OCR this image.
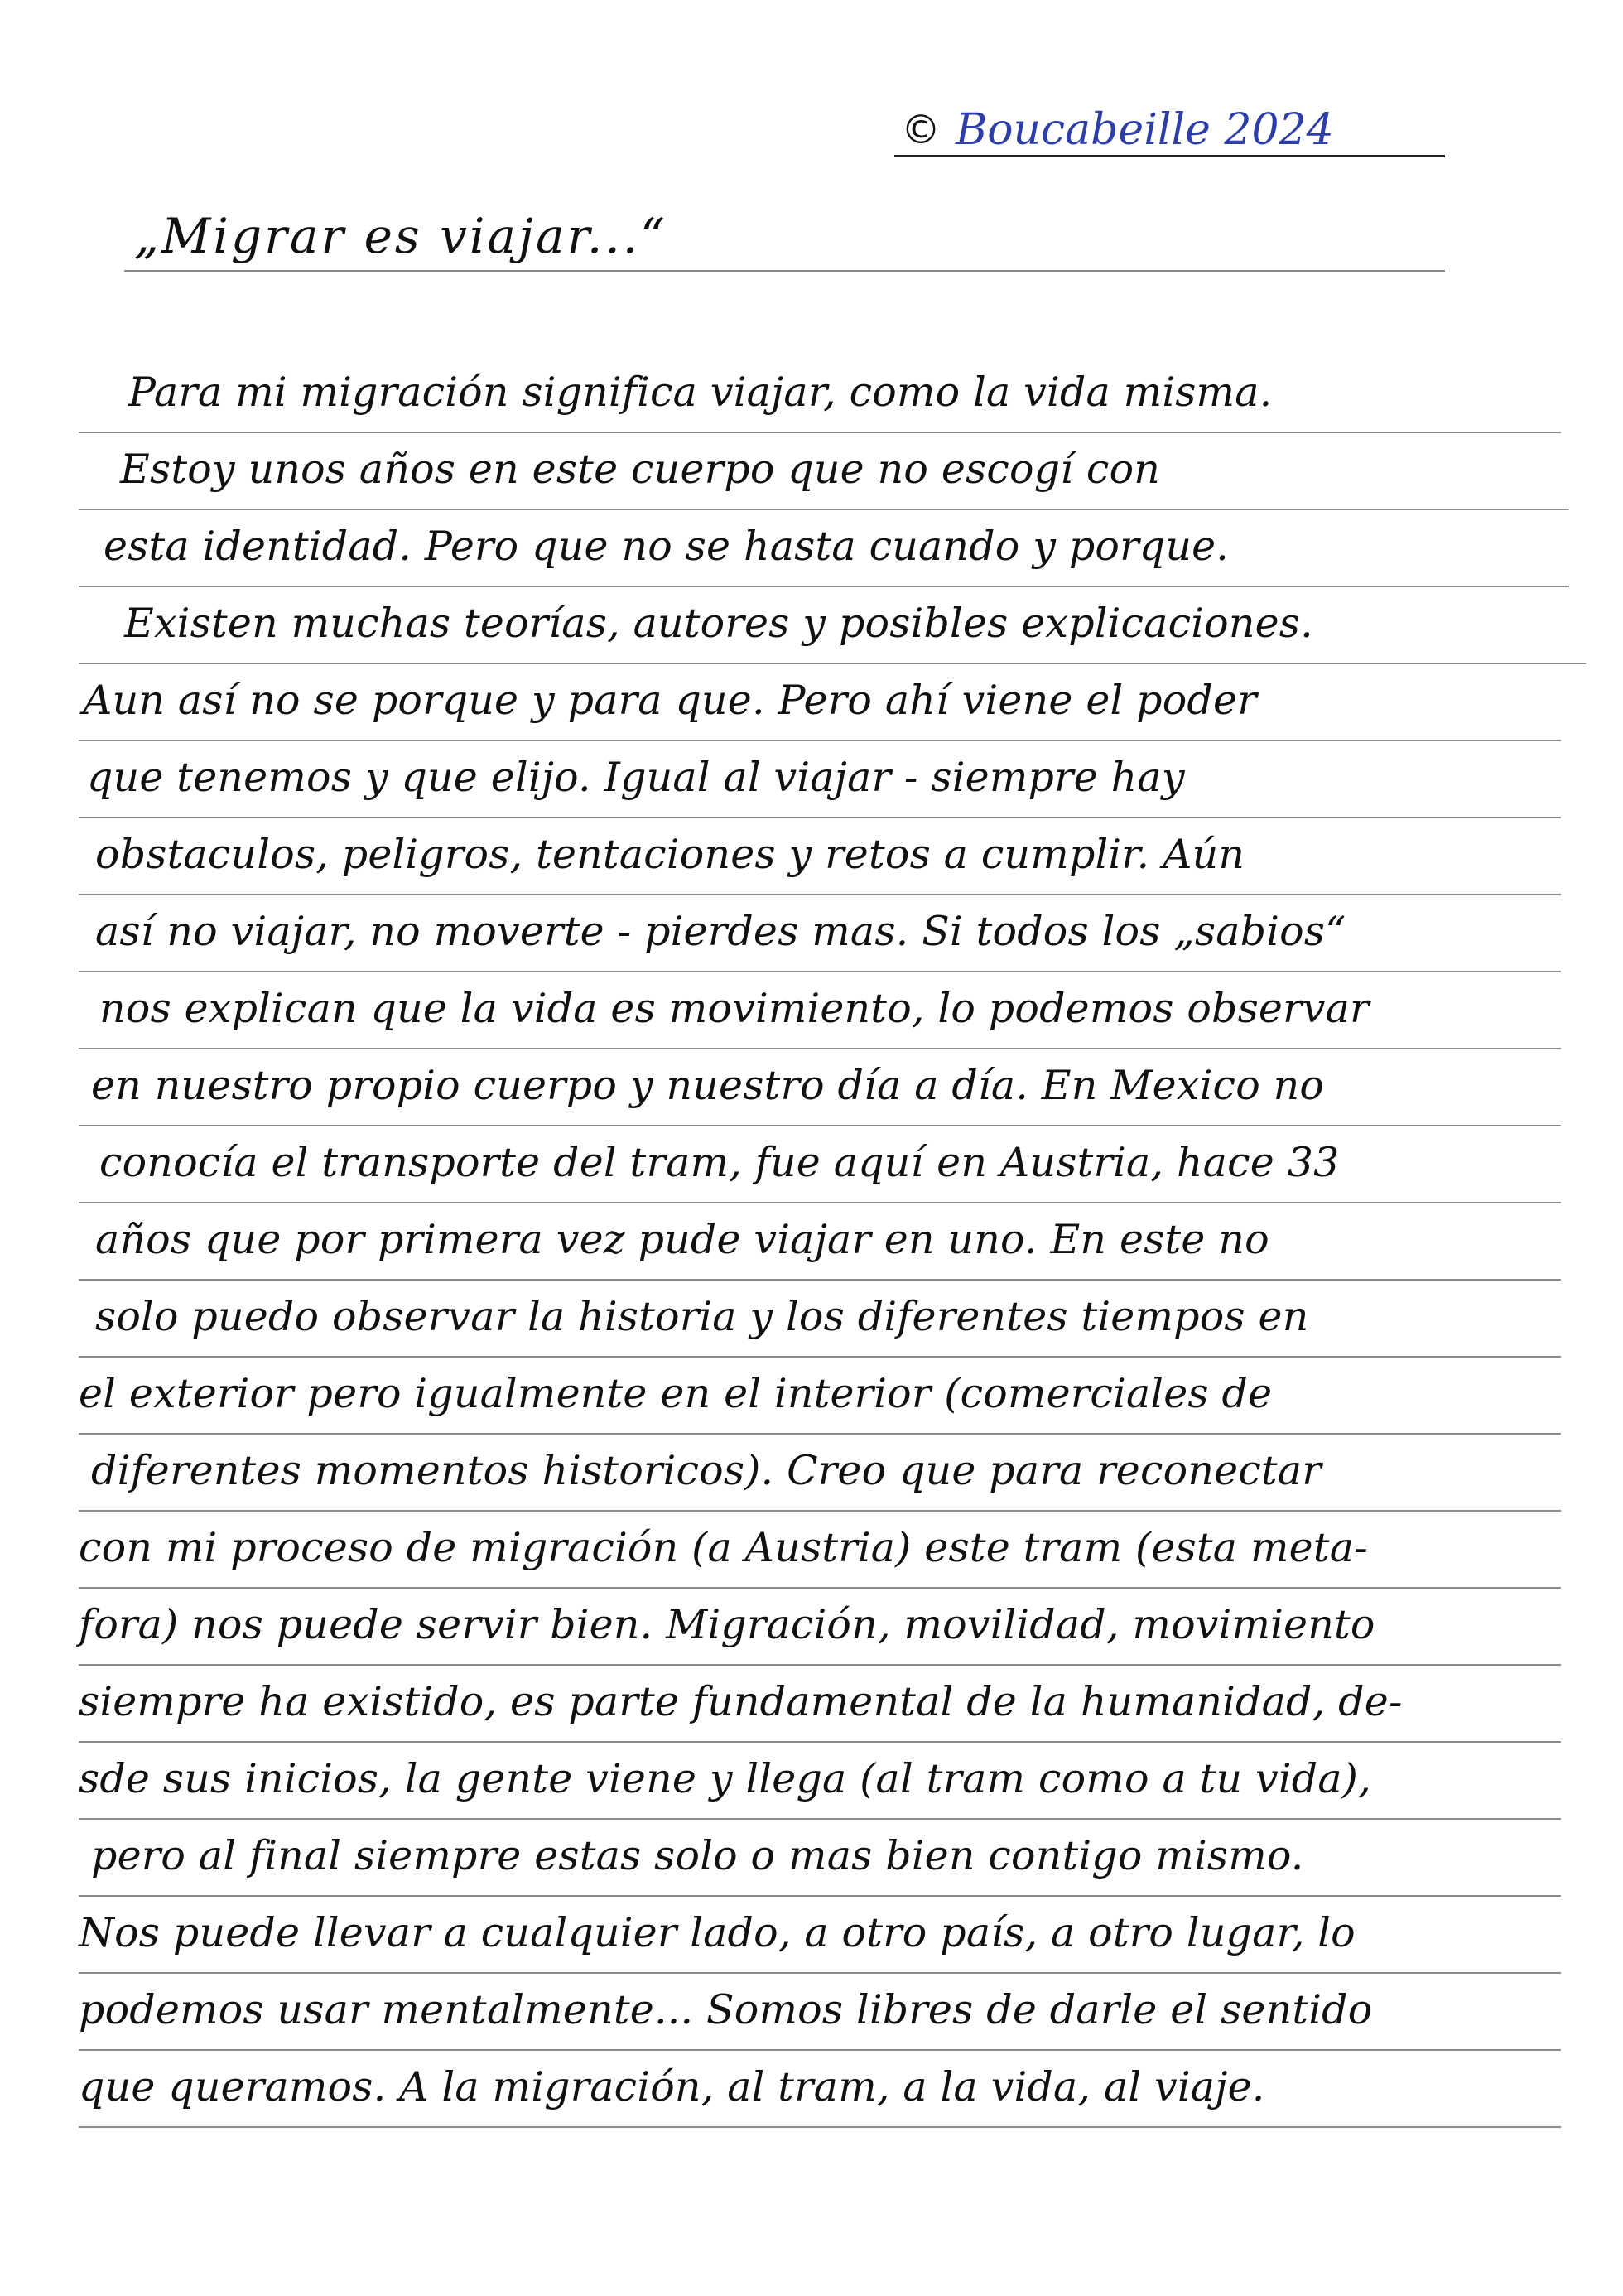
© Boucabeille 2024
„Migrar es viajar...“
Para mi migración significa viajar, como la vida misma.
Estoy unos años en este cuerpo que no escogí con
esta identidad. Pero que no se hasta cuando y porque.
Existen muchas teorías, autores y posibles explicaciones.
Aun así no se porque y para que. Pero ahí viene el poder
que tenemos y que elijo. Igual al viajar - siempre hay
obstaculos, peligros, tentaciones y retos a cumplir. Aún
así no viajar, no moverte - pierdes mas. Si todos los „sabios“
nos explican que la vida es movimiento, lo podemos observar
en nuestro propio cuerpo y nuestro día a día. En Mexico no
conocía el transporte del tram, fue aquí en Austria, hace 33
años que por primera vez pude viajar en uno. En este no
solo puedo observar la historia y los diferentes tiempos en
el exterior pero igualmente en el interior (comerciales de
diferentes momentos historicos). Creo que para reconectar
con mi proceso de migración (a Austria) este tram (esta meta-
fora) nos puede servir bien. Migración, movilidad, movimiento
siempre ha existido, es parte fundamental de la humanidad, de-
sde sus inicios, la gente viene y llega (al tram como a tu vida),
pero al final siempre estas solo o mas bien contigo mismo.
Nos puede llevar a cualquier lado, a otro país, a otro lugar, lo
podemos usar mentalmente... Somos libres de darle el sentido
que queramos. A la migración, al tram, a la vida, al viaje.
